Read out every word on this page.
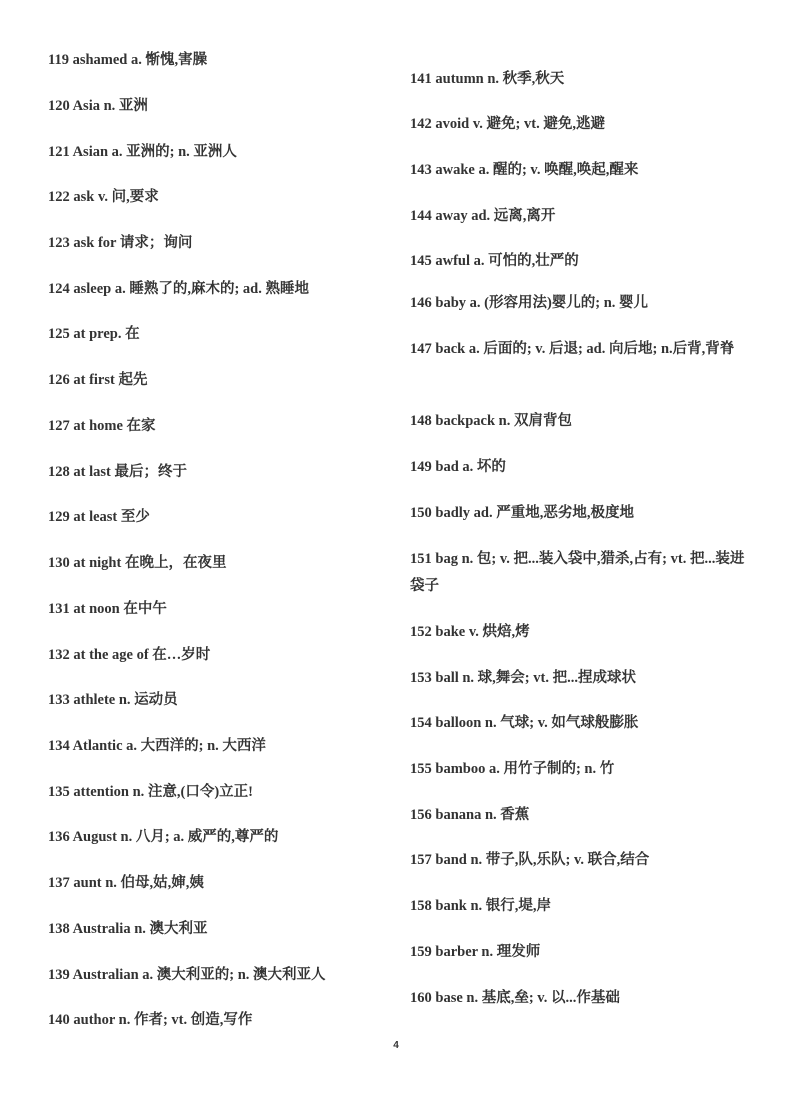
119 ashamed a. 惭愧,害臊
120 Asia n. 亚洲
121 Asian a. 亚洲的; n. 亚洲人
122 ask v. 问,要求
123 ask for 请求；询问
124 asleep a. 睡熟了的,麻木的; ad. 熟睡地
125 at prep. 在
126 at first 起先
127 at home 在家
128 at last 最后；终于
129 at least 至少
130 at night 在晚上，在夜里
131 at noon 在中午
132 at the age of 在…岁时
133 athlete n. 运动员
134 Atlantic a. 大西洋的; n. 大西洋
135 attention n. 注意,(口令)立正!
136 August n. 八月; a. 威严的,尊严的
137 aunt n. 伯母,姑,婶,姨
138 Australia n. 澳大利亚
139 Australian a. 澳大利亚的; n. 澳大利亚人
140 author n. 作者; vt. 创造,写作
141 autumn n. 秋季,秋天
142 avoid v. 避免; vt. 避免,逃避
143 awake a. 醒的; v. 唤醒,唤起,醒来
144 away ad. 远离,离开
145 awful a. 可怕的,壮严的
146 baby a. (形容用法)婴儿的; n. 婴儿
147 back a. 后面的; v. 后退; ad. 向后地; n.后背,背脊
148 backpack n. 双肩背包
149 bad a. 坏的
150 badly ad. 严重地,恶劣地,极度地
151 bag n. 包; v. 把...装入袋中,猎杀,占有; vt. 把...装进袋子
152 bake v. 烘焙,烤
153 ball n. 球,舞会; vt. 把...捏成球状
154 balloon n. 气球; v. 如气球般膨胀
155 bamboo a. 用竹子制的; n. 竹
156 banana n. 香蕉
157 band n. 带子,队,乐队; v. 联合,结合
158 bank n. 银行,堤,岸
159 barber n. 理发师
160 base n. 基底,垒; v. 以...作基础
4
